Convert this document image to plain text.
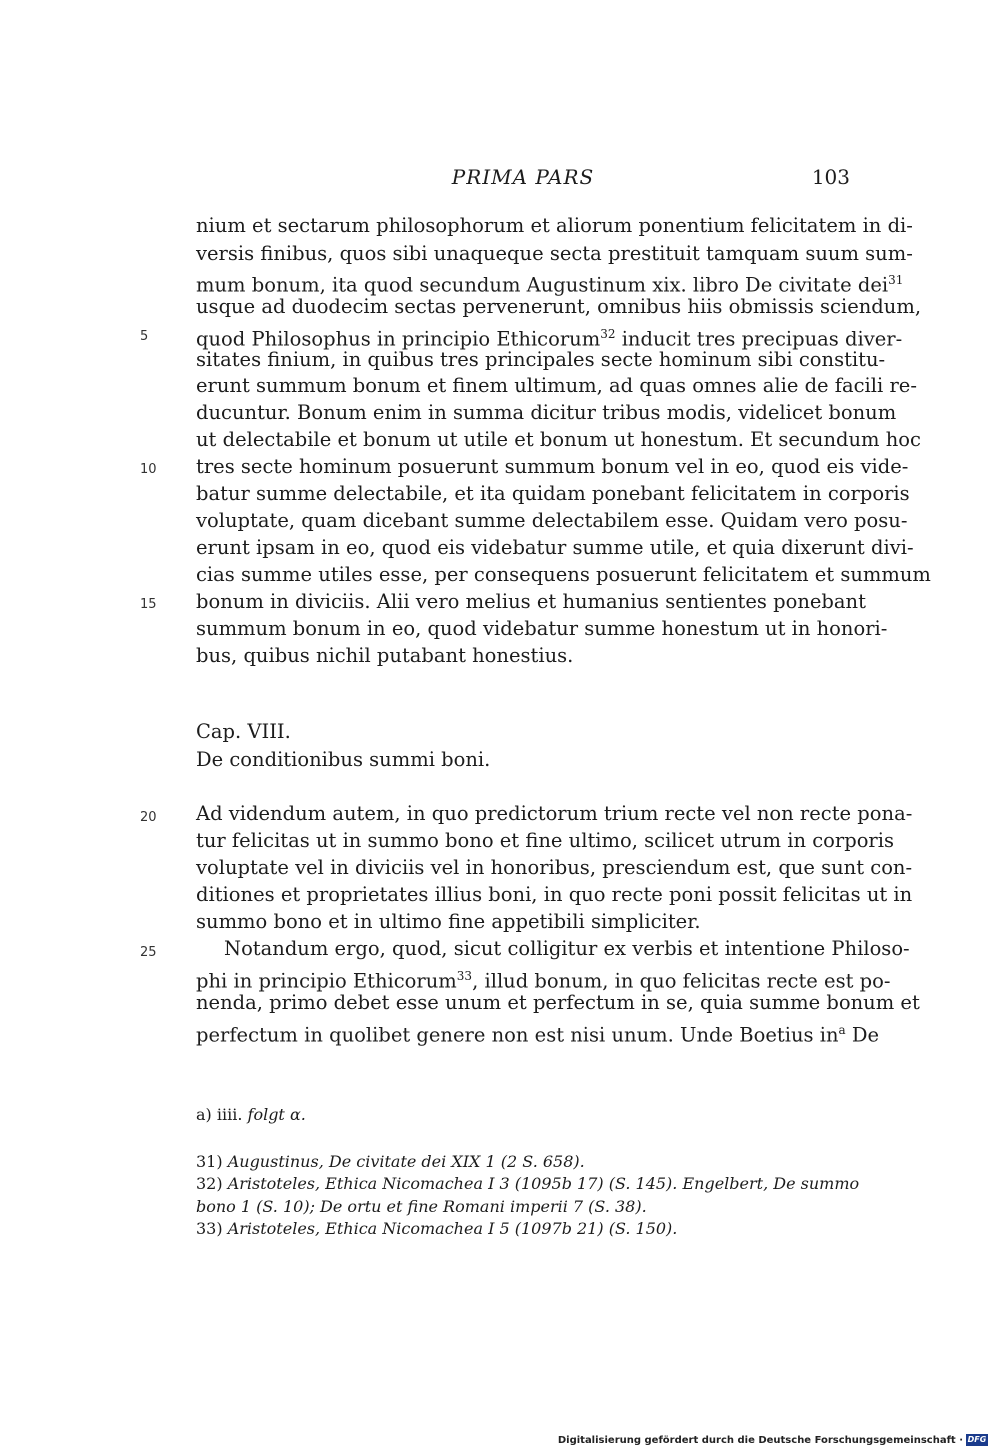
PRIMA PARS	103
nium et sectarum philosophorum et aliorum ponentium felicitatem in di-
versis finibus, quos sibi unaqueque secta prestituit tamquam suum sum-
mum bonum, ita quod secundum Augustinum xix. libro De civitate dei$^{31}$
usque ad duodecim sectas pervenerunt, omnibus hiis obmissis sciendum,
5	quod Philosophus in principio Ethicorum$^{32}$ inducit tres precipuas diver-
sitates finium, in quibus tres principales secte hominum sibi constitu-
erunt summum bonum et finem ultimum, ad quas omnes alie de facili re-
ducuntur. Bonum enim in summa dicitur tribus modis, videlicet bonum
ut delectabile et bonum ut utile et bonum ut honestum. Et secundum hoc
10	tres secte hominum posuerunt summum bonum vel in eo, quod eis vide-
batur summe delectabile, et ita quidam ponebant felicitatem in corporis
voluptate, quam dicebant summe delectabilem esse. Quidam vero posu-
erunt ipsam in eo, quod eis videbatur summe utile, et quia dixerunt divi-
cias summe utiles esse, per consequens posuerunt felicitatem et summum
15	bonum in diviciis. Alii vero melius et humanius sentientes ponebant
summum bonum in eo, quod videbatur summe honestum ut in honori-
bus, quibus nichil putabant honestius.
Cap. VIII.
De conditionibus summi boni.
20	Ad videndum autem, in quo predictorum trium recte vel non recte pona-
tur felicitas ut in summo bono et fine ultimo, scilicet utrum in corporis
voluptate vel in diviciis vel in honoribus, presciendum est, que sunt con-
ditiones et proprietates illius boni, in quo recte poni possit felicitas ut in
summo bono et in ultimo fine appetibili simpliciter.
25	Notandum ergo, quod, sicut colligitur ex verbis et intentione Philoso-
phi in principio Ethicorum$^{33}$, illud bonum, in quo felicitas recte est po-
nenda, primo debet esse unum et perfectum in se, quia summe bonum et
perfectum in quolibet genere non est nisi unum. Unde Boetius $in^a$ De
a) iiii. folgt α.
31) Augustinus, De civitate dei XIX 1 (2 S. 658).
32) Aristoteles, Ethica Nicomachea I 3 (1095b 17) (S. 145). Engelbert, De summo
bono 1 (S. 10); De ortu et fine Romani imperii 7 (S. 38).
33) Aristoteles, Ethica Nicomachea I 5 (1097b 21) (S. 150).
Digitalisierung gefördert durch die Deutsche Forschungsgemeinschaft · DFG
